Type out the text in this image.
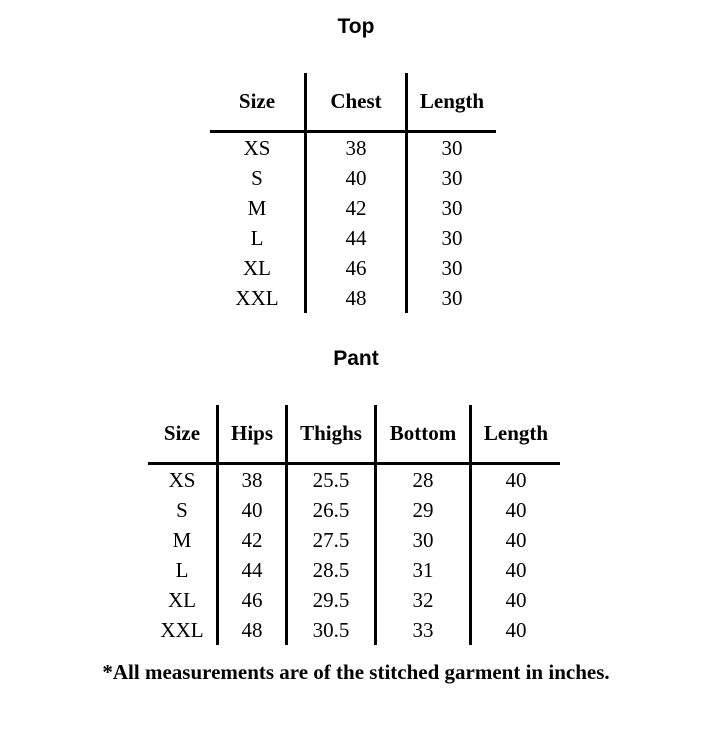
Top
Size	Chest	Length
XS	38	30
S	40	30
M	42	30
L	44	30
XL	46	30
XXL	48	30
Pant
Size	Hips	Thighs	Bottom	Length
XS	38	25.5	28	40
S	40	26.5	29	40
M	42	27.5	30	40
L	44	28.5	31	40
XL	46	29.5	32	40
XXL	48	30.5	33	40
*All measurements are of the stitched garment in inches.
